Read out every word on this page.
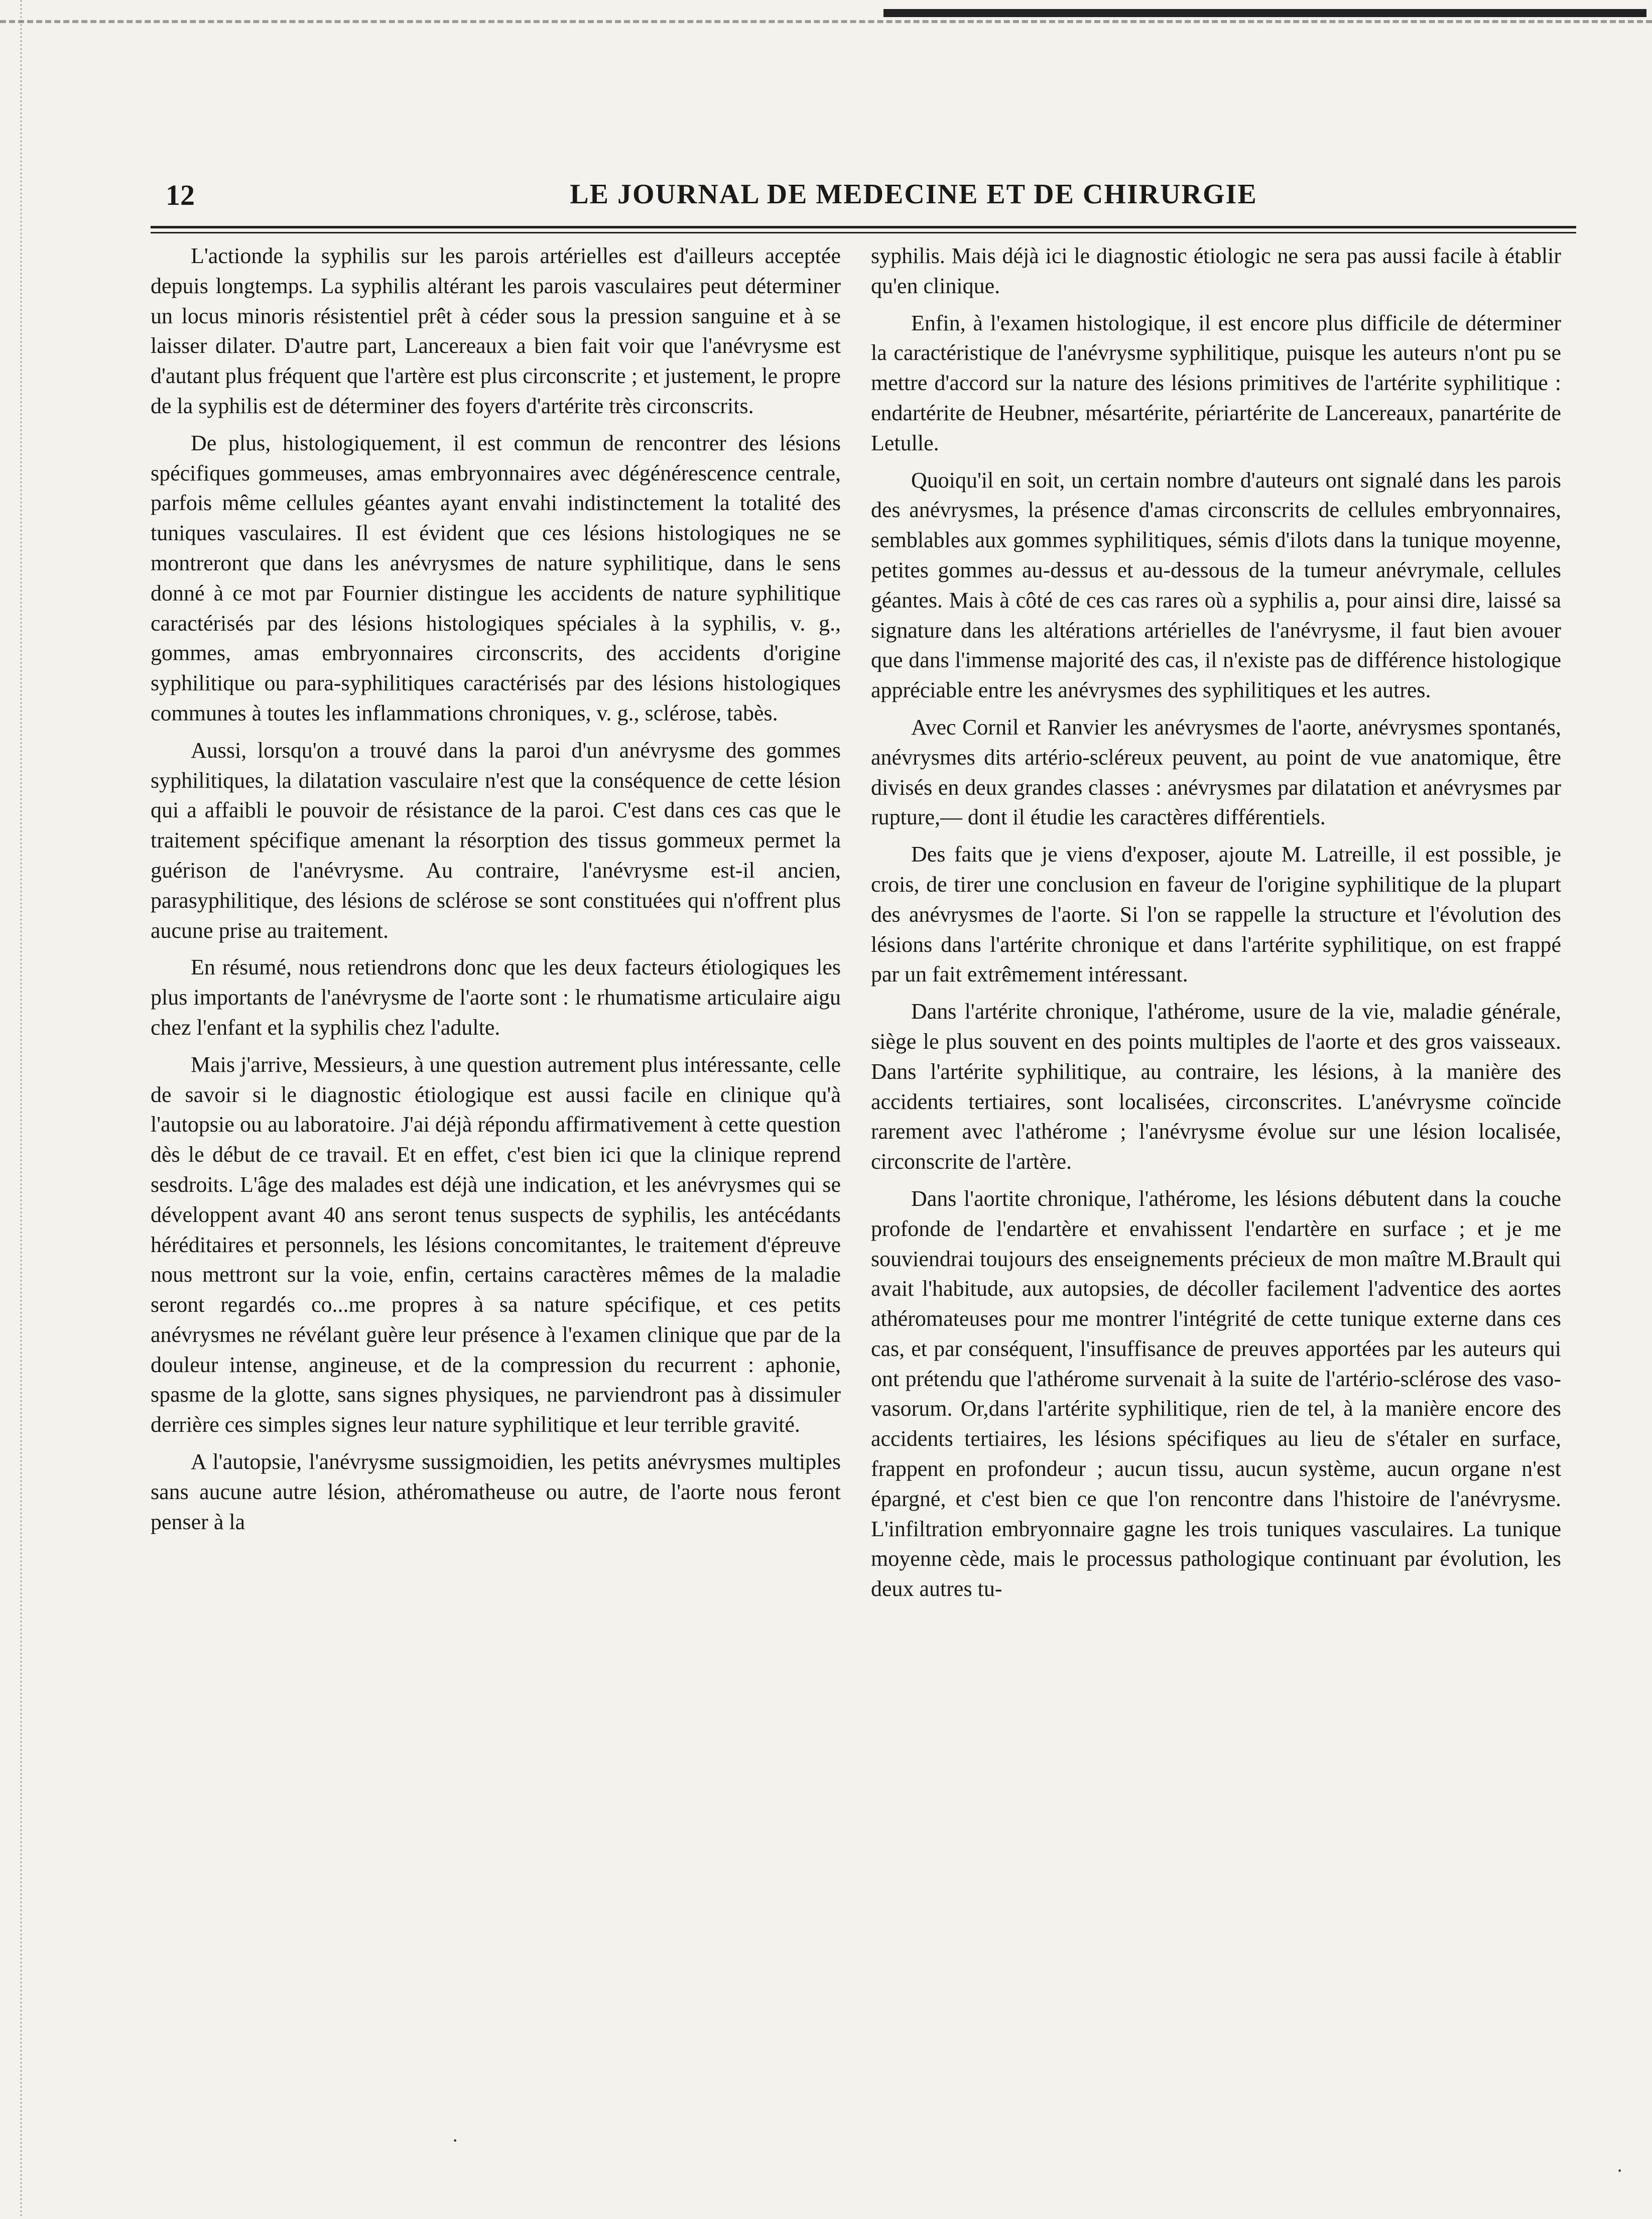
12	LE JOURNAL DE MEDECINE ET DE CHIRURGIE

L'actionde la syphilis sur les parois artérielles est d'ailleurs acceptée depuis longtemps. La syphilis altérant les parois vasculaires peut déterminer un locus minoris résistentiel prêt à céder sous la pression sanguine et à se laisser dilater. D'autre part, Lancereaux a bien fait voir que l'anévrysme est d'autant plus fréquent que l'artère est plus circonscrite ; et justement, le propre de la syphilis est de déterminer des foyers d'artérite très circonscrits.

De plus, histologiquement, il est commun de rencontrer des lésions spécifiques gommeuses, amas embryonnaires avec dégénérescence centrale, parfois même cellules géantes ayant envahi indistinctement la totalité des tuniques vasculaires. Il est évident que ces lésions histologiques ne se montreront que dans les anévrysmes de nature syphilitique, dans le sens donné à ce mot par Fournier distingue les accidents de nature syphilitique caractérisés par des lésions histologiques spéciales à la syphilis, v. g., gommes, amas embryonnaires circonscrits, des accidents d'origine syphilitique ou para-syphilitiques caractérisés par des lésions histologiques communes à toutes les inflammations chroniques, v. g., sclérose, tabès.

Aussi, lorsqu'on a trouvé dans la paroi d'un anévrysme des gommes syphilitiques, la dilatation vasculaire n'est que la conséquence de cette lésion qui a affaibli le pouvoir de résistance de la paroi. C'est dans ces cas que le traitement spécifique amenant la résorption des tissus gommeux permet la guérison de l'anévrysme. Au contraire, l'anévrysme est-il ancien, parasyphilitique, des lésions de sclérose se sont constituées qui n'offrent plus aucune prise au traitement.

En résumé, nous retiendrons donc que les deux facteurs étiologiques les plus importants de l'anévrysme de l'aorte sont : le rhumatisme articulaire aigu chez l'enfant et la syphilis chez l'adulte.

Mais j'arrive, Messieurs, à une question autrement plus intéressante, celle de savoir si le diagnostic étiologique est aussi facile en clinique qu'à l'autopsie ou au laboratoire. J'ai déjà répondu affirmativement à cette question dès le début de ce travail. Et en effet, c'est bien ici que la clinique reprend sesdroits. L'âge des malades est déjà une indication, et les anévrysmes qui se développent avant 40 ans seront tenus suspects de syphilis, les antécédants héréditaires et personnels, les lésions concomitantes, le traitement d'épreuve nous mettront sur la voie, enfin, certains caractères mêmes de la maladie seront regardés co...me propres à sa nature spécifique, et ces petits anévrysmes ne révélant guère leur présence à l'examen clinique que par de la douleur intense, angineuse, et de la compression du recurrent : aphonie, spasme de la glotte, sans signes physiques, ne parviendront pas à dissimuler derrière ces simples signes leur nature syphilitique et leur terrible gravité.

A l'autopsie, l'anévrysme sussigmoidien, les petits anévrysmes multiples sans aucune autre lésion, athéromatheuse ou autre, de l'aorte nous feront penser à la

syphilis. Mais déjà ici le diagnostic étiologic ne sera pas aussi facile à établir qu'en clinique.

Enfin, à l'examen histologique, il est encore plus difficile de déterminer la caractéristique de l'anévrysme syphilitique, puisque les auteurs n'ont pu se mettre d'accord sur la nature des lésions primitives de l'artérite syphilitique : endartérite de Heubner, mésartérite, périartérite de Lancereaux, panartérite de Letulle.

Quoiqu'il en soit, un certain nombre d'auteurs ont signalé dans les parois des anévrysmes, la présence d'amas circonscrits de cellules embryonnaires, semblables aux gommes syphilitiques, sémis d'ilots dans la tunique moyenne, petites gommes au-dessus et au-dessous de la tumeur anévrymale, cellules géantes. Mais à côté de ces cas rares où a syphilis a, pour ainsi dire, laissé sa signature dans les altérations artérielles de l'anévrysme, il faut bien avouer que dans l'immense majorité des cas, il n'existe pas de différence histologique appréciable entre les anévrysmes des syphilitiques et les autres.

Avec Cornil et Ranvier les anévrysmes de l'aorte, anévrysmes spontanés, anévrysmes dits artério-scléreux peuvent, au point de vue anatomique, être divisés en deux grandes classes : anévrysmes par dilatation et anévrysmes par rupture,— dont il étudie les caractères différentiels.

Des faits que je viens d'exposer, ajoute M. Latreille, il est possible, je crois, de tirer une conclusion en faveur de l'origine syphilitique de la plupart des anévrysmes de l'aorte. Si l'on se rappelle la structure et l'évolution des lésions dans l'artérite chronique et dans l'artérite syphilitique, on est frappé par un fait extrêmement intéressant.

Dans l'artérite chronique, l'athérome, usure de la vie, maladie générale, siège le plus souvent en des points multiples de l'aorte et des gros vaisseaux. Dans l'artérite syphilitique, au contraire, les lésions, à la manière des accidents tertiaires, sont localisées, circonscrites. L'anévrysme coïncide rarement avec l'athérome ; l'anévrysme évolue sur une lésion localisée, circonscrite de l'artère.

Dans l'aortite chronique, l'athérome, les lésions débutent dans la couche profonde de l'endartère et envahissent l'endartère en surface ; et je me souviendrai toujours des enseignements précieux de mon maître M.Brault qui avait l'habitude, aux autopsies, de décoller facilement l'adventice des aortes athéromateuses pour me montrer l'intégrité de cette tunique externe dans ces cas, et par conséquent, l'insuffisance de preuves apportées par les auteurs qui ont prétendu que l'athérome survenait à la suite de l'artério-sclérose des vaso-vasorum. Or,dans l'artérite syphilitique, rien de tel, à la manière encore des accidents tertiaires, les lésions spécifiques au lieu de s'étaler en surface, frappent en profondeur ; aucun tissu, aucun système, aucun organe n'est épargné, et c'est bien ce que l'on rencontre dans l'histoire de l'anévrysme. L'infiltration embryonnaire gagne les trois tuniques vasculaires. La tunique moyenne cède, mais le processus pathologique continuant par évolution, les deux autres tu-

·
·
